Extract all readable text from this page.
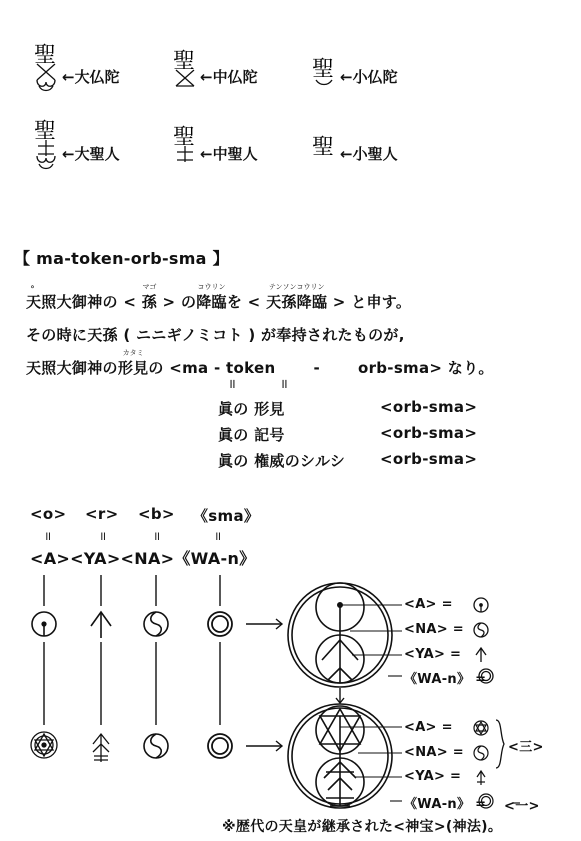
聖
←大仏陀
聖
←中仏陀 聖 ←小仏陀
聖
←大聖人
聖
←中聖人 聖 ←小聖人
【 ma-token-orb-sma 】
。
天照大御神の <
マゴ
孫 > の
コウリン
降臨を <
テンソンコウリン
天孫降臨 > と申す。
その時に天孫 ( ニニギノミコト ) が奉持されたものが,
天照大御神の
カタミ
形見の <ma - token	-	orb-sma> なり。
॥	॥
眞の 形見	<orb-sma>
眞の 記号	<orb-sma>
眞の 権威のシルシ <orb-sma>
<o> <r> <b> 《sma》
॥	॥	॥	॥
<A><YA><NA>《WA-n》
<A> =
<NA> =
<YA> =
《WA-n》 =
<A> =
<NA> =
<YA> =
《WA-n》 =
<三>
<一>
※歴代の天皇が継承された<神宝>(神法)。
